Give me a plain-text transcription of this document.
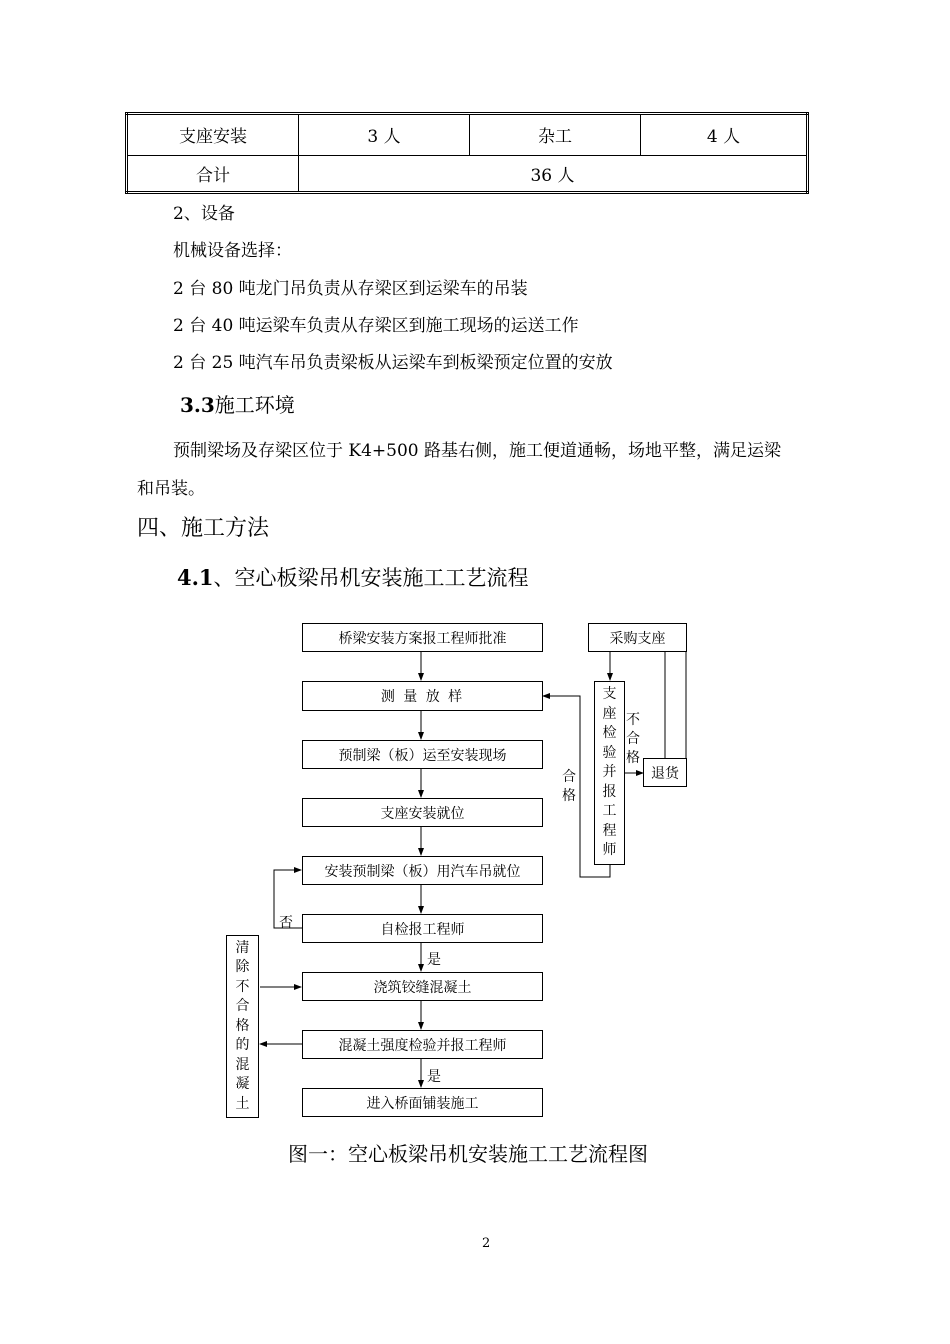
支座安装	3 人	杂工	4 人
合计	36 人		
2、设备
机械设备选择：
2 台 80 吨龙门吊负责从存梁区到运梁车的吊装
2 台 40 吨运梁车负责从存梁区到施工现场的运送工作
2 台 25 吨汽车吊负责梁板从运梁车到板梁预定位置的安放
3.3施工环境
预制梁场及存梁区位于 K4+500 路基右侧，施工便道通畅，场地平整，满足运梁
和吊装。
四、施工方法
4.1、空心板梁吊机安装施工工艺流程
桥梁安装方案报工程师批准
测 量 放 样
预制梁（板）运至安装现场
支座安装就位
安装预制梁（板）用汽车吊就位
自检报工程师
浇筑铰缝混凝土
混凝土强度检验并报工程师
进入桥面铺装施工
采购支座
支座检验并报工程师
退货
清除不合格的混凝土
合格
不合格
否
是
是
图一：空心板梁吊机安装施工工艺流程图
2
